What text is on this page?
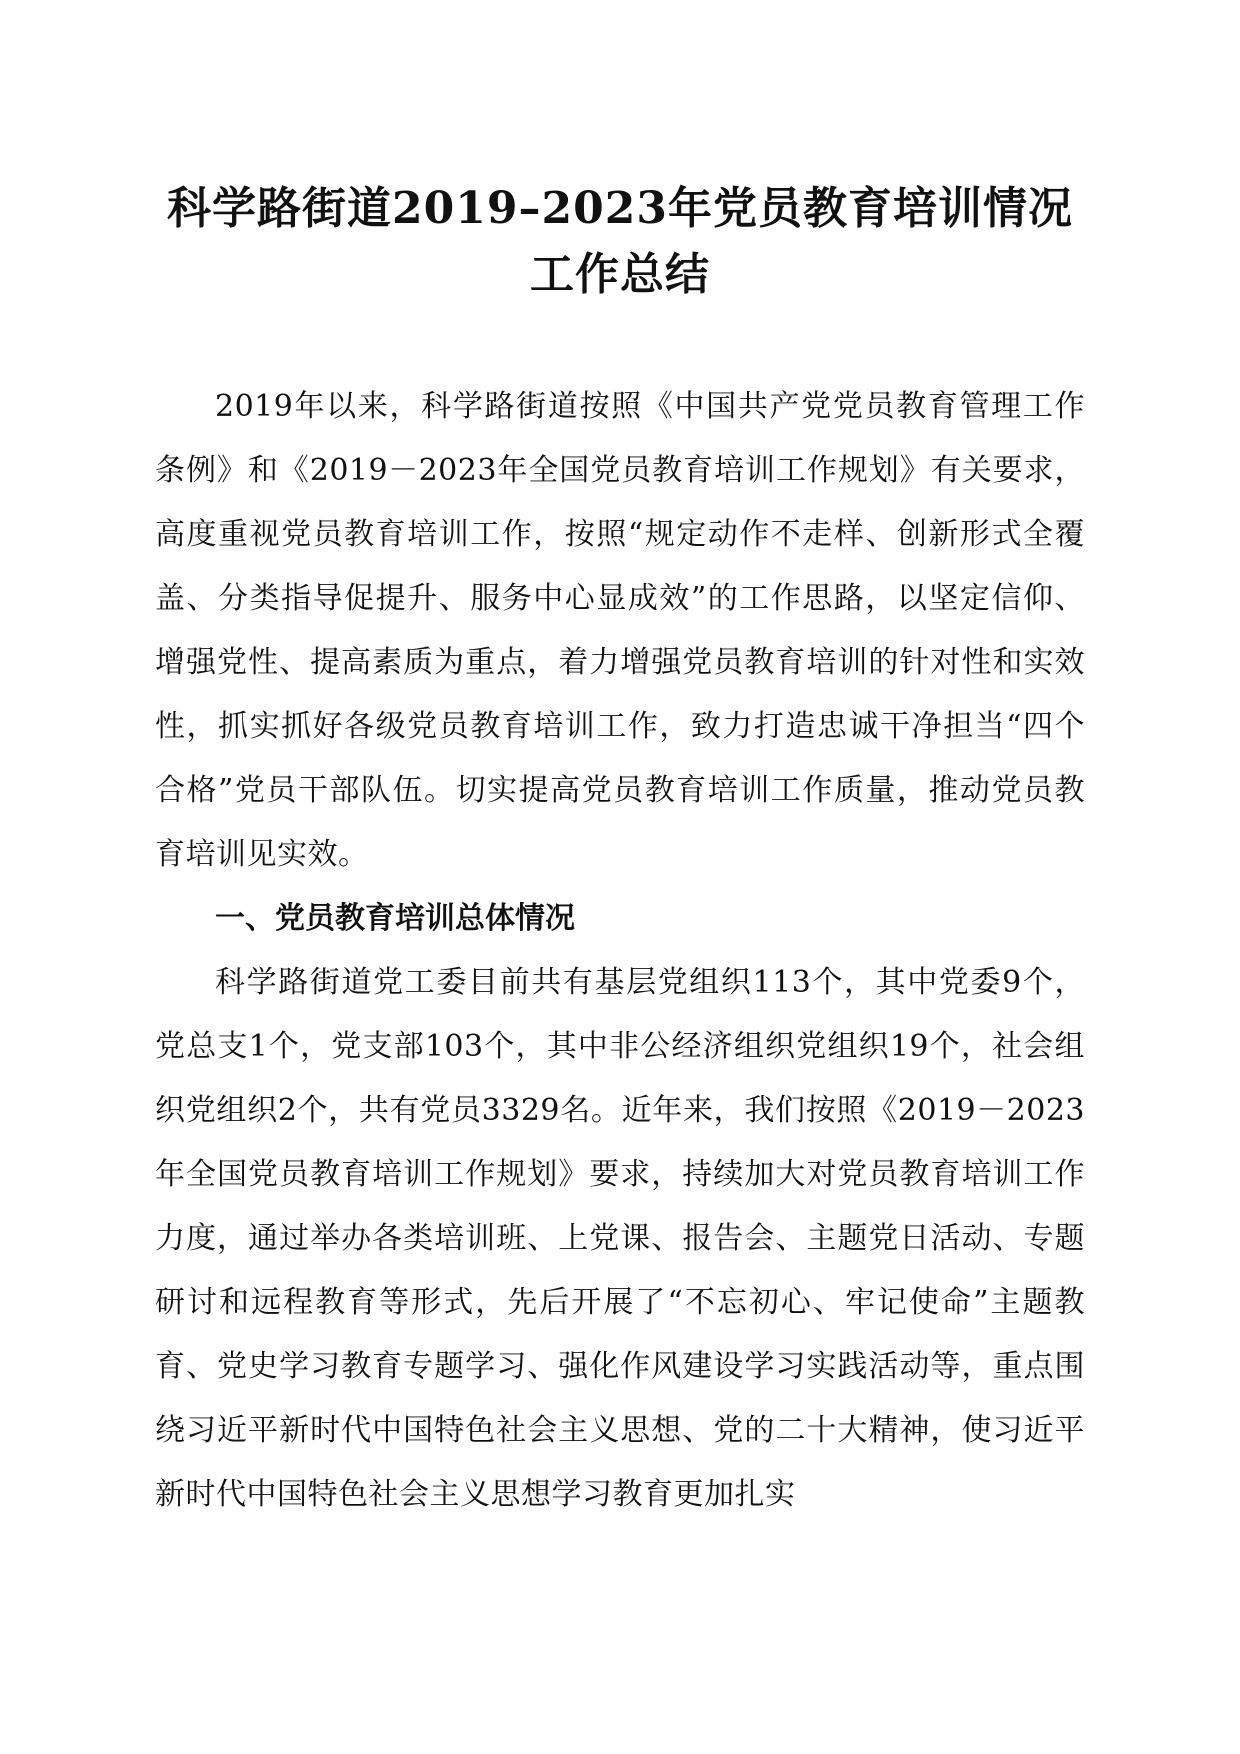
科学路街道2019–2023年党员教育培训情况
工作总结

2019年以来，科学路街道按照《中国共产党党员教育管理工作条例》和《2019－2023年全国党员教育培训工作规划》有关要求，高度重视党员教育培训工作，按照“规定动作不走样、创新形式全覆盖、分类指导促提升、服务中心显成效”的工作思路，以坚定信仰、增强党性、提高素质为重点，着力增强党员教育培训的针对性和实效性，抓实抓好各级党员教育培训工作，致力打造忠诚干净担当“四个合格”党员干部队伍。切实提高党员教育培训工作质量，推动党员教育培训见实效。

一、党员教育培训总体情况

科学路街道党工委目前共有基层党组织113个，其中党委9个，党总支1个，党支部103个，其中非公经济组织党组织19个，社会组织党组织2个，共有党员3329名。近年来，我们按照《2019－2023年全国党员教育培训工作规划》要求，持续加大对党员教育培训工作力度，通过举办各类培训班、上党课、报告会、主题党日活动、专题研讨和远程教育等形式，先后开展了“不忘初心、牢记使命”主题教育、党史学习教育专题学习、强化作风建设学习实践活动等，重点围绕习近平新时代中国特色社会主义思想、党的二十大精神，使习近平新时代中国特色社会主义思想学习教育更加扎实
